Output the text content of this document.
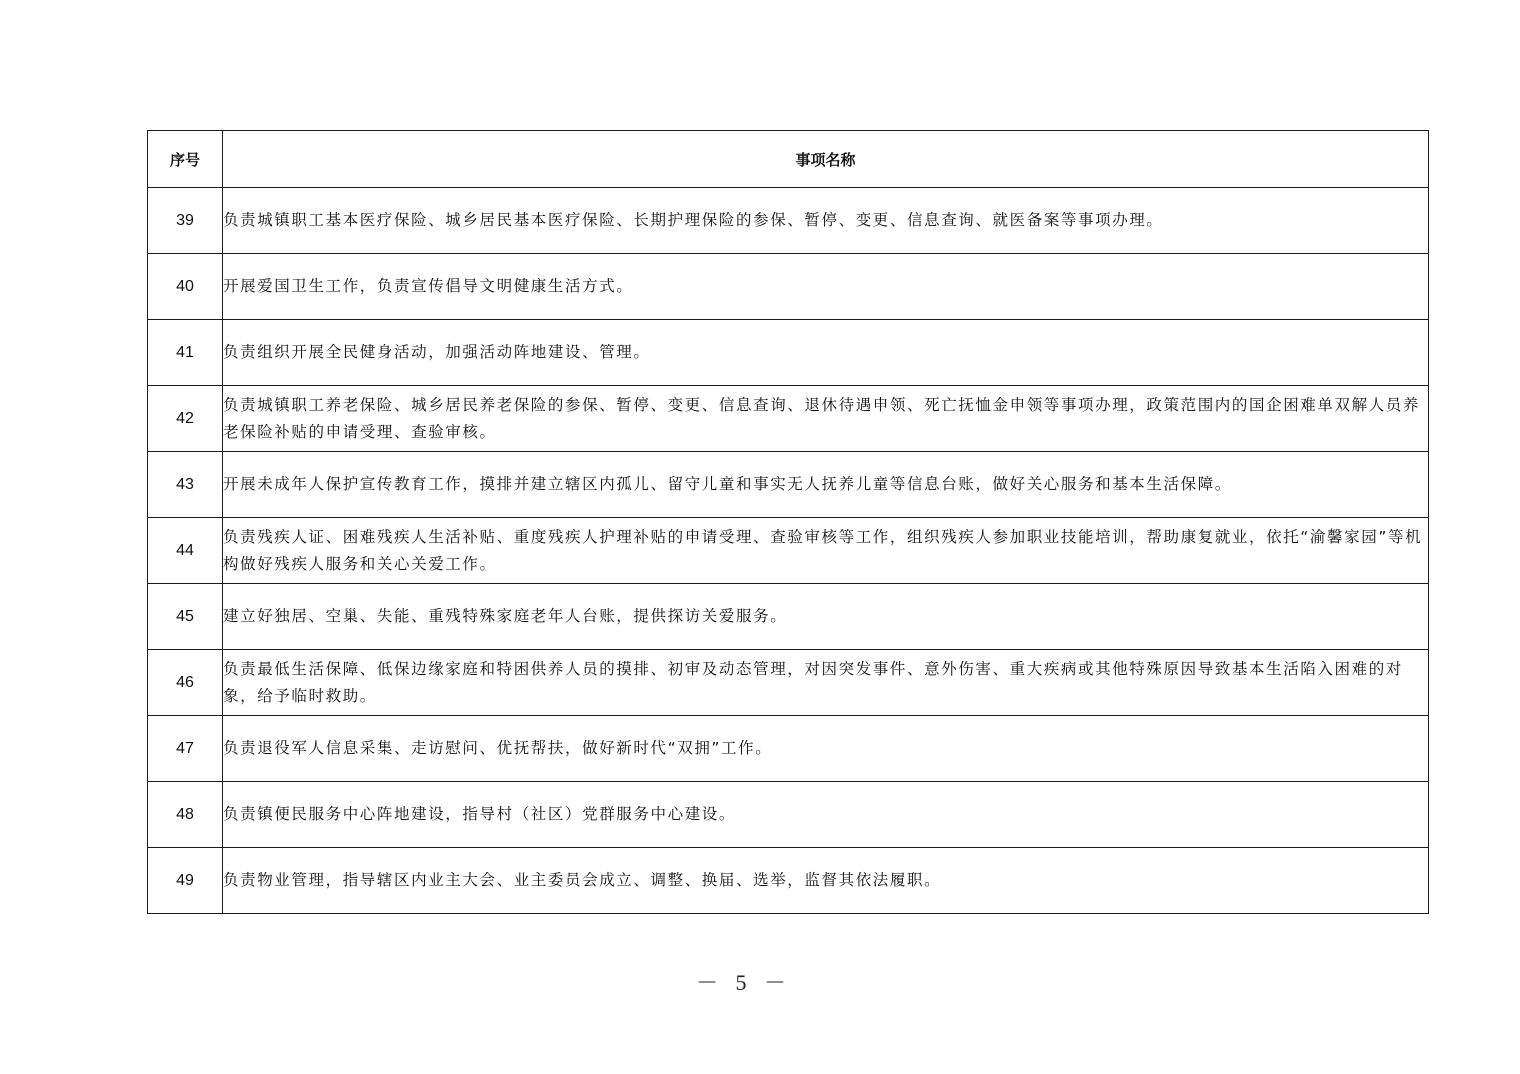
序号	事项名称
39	负责城镇职工基本医疗保险、城乡居民基本医疗保险、长期护理保险的参保、暂停、变更、信息查询、就医备案等事项办理。
40	开展爱国卫生工作，负责宣传倡导文明健康生活方式。
41	负责组织开展全民健身活动，加强活动阵地建设、管理。
42	负责城镇职工养老保险、城乡居民养老保险的参保、暂停、变更、信息查询、退休待遇申领、死亡抚恤金申领等事项办理，政策范围内的国企困难单双解人员养老保险补贴的申请受理、查验审核。
43	开展未成年人保护宣传教育工作，摸排并建立辖区内孤儿、留守儿童和事实无人抚养儿童等信息台账，做好关心服务和基本生活保障。
44	负责残疾人证、困难残疾人生活补贴、重度残疾人护理补贴的申请受理、查验审核等工作，组织残疾人参加职业技能培训，帮助康复就业，依托“渝馨家园”等机构做好残疾人服务和关心关爱工作。
45	建立好独居、空巢、失能、重残特殊家庭老年人台账，提供探访关爱服务。
46	负责最低生活保障、低保边缘家庭和特困供养人员的摸排、初审及动态管理，对因突发事件、意外伤害、重大疾病或其他特殊原因导致基本生活陷入困难的对象，给予临时救助。
47	负责退役军人信息采集、走访慰问、优抚帮扶，做好新时代“双拥”工作。
48	负责镇便民服务中心阵地建设，指导村（社区）党群服务中心建设。
49	负责物业管理，指导辖区内业主大会、业主委员会成立、调整、换届、选举，监督其依法履职。
－ 5 －
